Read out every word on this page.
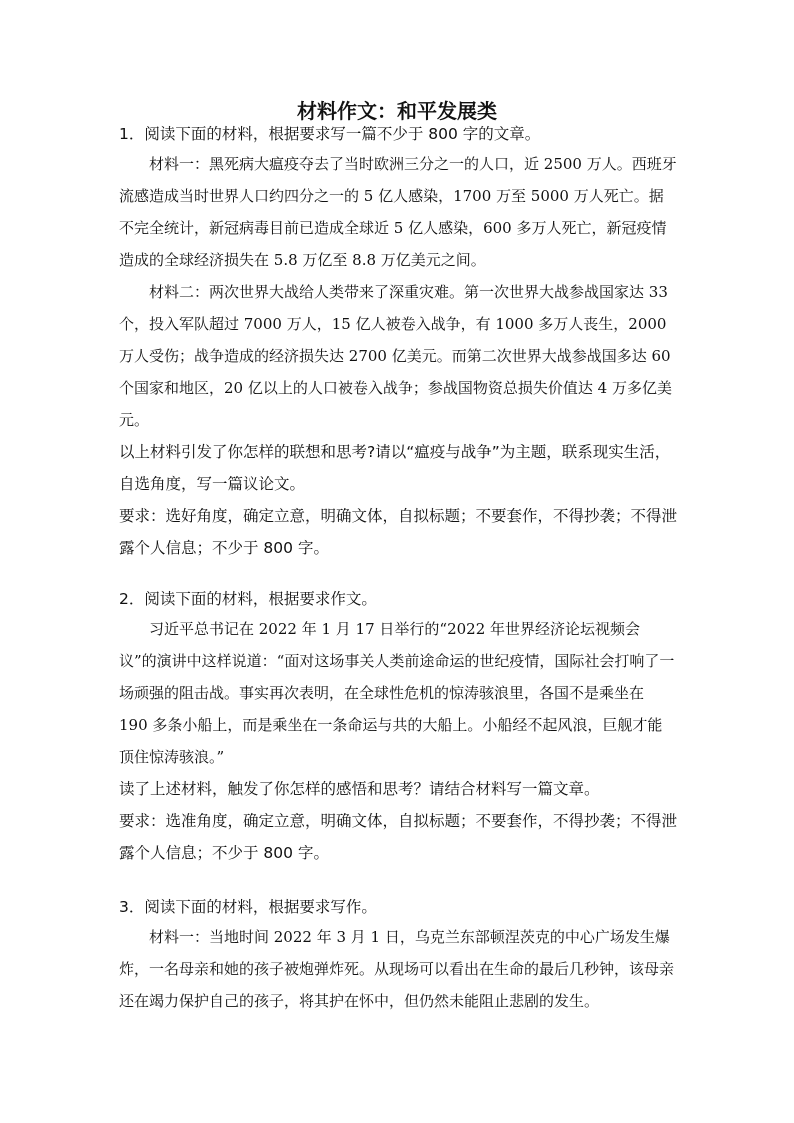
材料作文：和平发展类
1．阅读下面的材料，根据要求写一篇不少于 800 字的文章。

材料一：黑死病大瘟疫夺去了当时欧洲三分之一的人口，近 2500 万人。西班牙流感造成当时世界人口约四分之一的 5 亿人感染，1700 万至 5000 万人死亡。据不完全统计，新冠病毒目前已造成全球近 5 亿人感染，600 多万人死亡，新冠疫情造成的全球经济损失在 5.8 万亿至 8.8 万亿美元之间。

材料二：两次世界大战给人类带来了深重灾难。第一次世界大战参战国家达 33 个，投入军队超过 7000 万人，15 亿人被卷入战争，有 1000 多万人丧生，2000 万人受伤；战争造成的经济损失达 2700 亿美元。而第二次世界大战参战国多达 60 个国家和地区，20 亿以上的人口被卷入战争；参战国物资总损失价值达 4 万多亿美元。

以上材料引发了你怎样的联想和思考?请以“瘟疫与战争”为主题，联系现实生活，自选角度，写一篇议论文。

要求：选好角度，确定立意，明确文体，自拟标题；不要套作，不得抄袭；不得泄露个人信息；不少于 800 字。

2．阅读下面的材料，根据要求作文。

习近平总书记在 2022 年 1 月 17 日举行的“2022 年世界经济论坛视频会议”的演讲中这样说道：“面对这场事关人类前途命运的世纪疫情，国际社会打响了一场顽强的阻击战。事实再次表明，在全球性危机的惊涛骇浪里，各国不是乘坐在 190 多条小船上，而是乘坐在一条命运与共的大船上。小船经不起风浪，巨舰才能顶住惊涛骇浪。”

读了上述材料，触发了你怎样的感悟和思考？请结合材料写一篇文章。

要求：选准角度，确定立意，明确文体，自拟标题；不要套作，不得抄袭；不得泄露个人信息；不少于 800 字。

3．阅读下面的材料，根据要求写作。

材料一：当地时间 2022 年 3 月 1 日，乌克兰东部顿涅茨克的中心广场发生爆炸，一名母亲和她的孩子被炮弹炸死。从现场可以看出在生命的最后几秒钟，该母亲还在竭力保护自己的孩子，将其护在怀中，但仍然未能阻止悲剧的发生。
